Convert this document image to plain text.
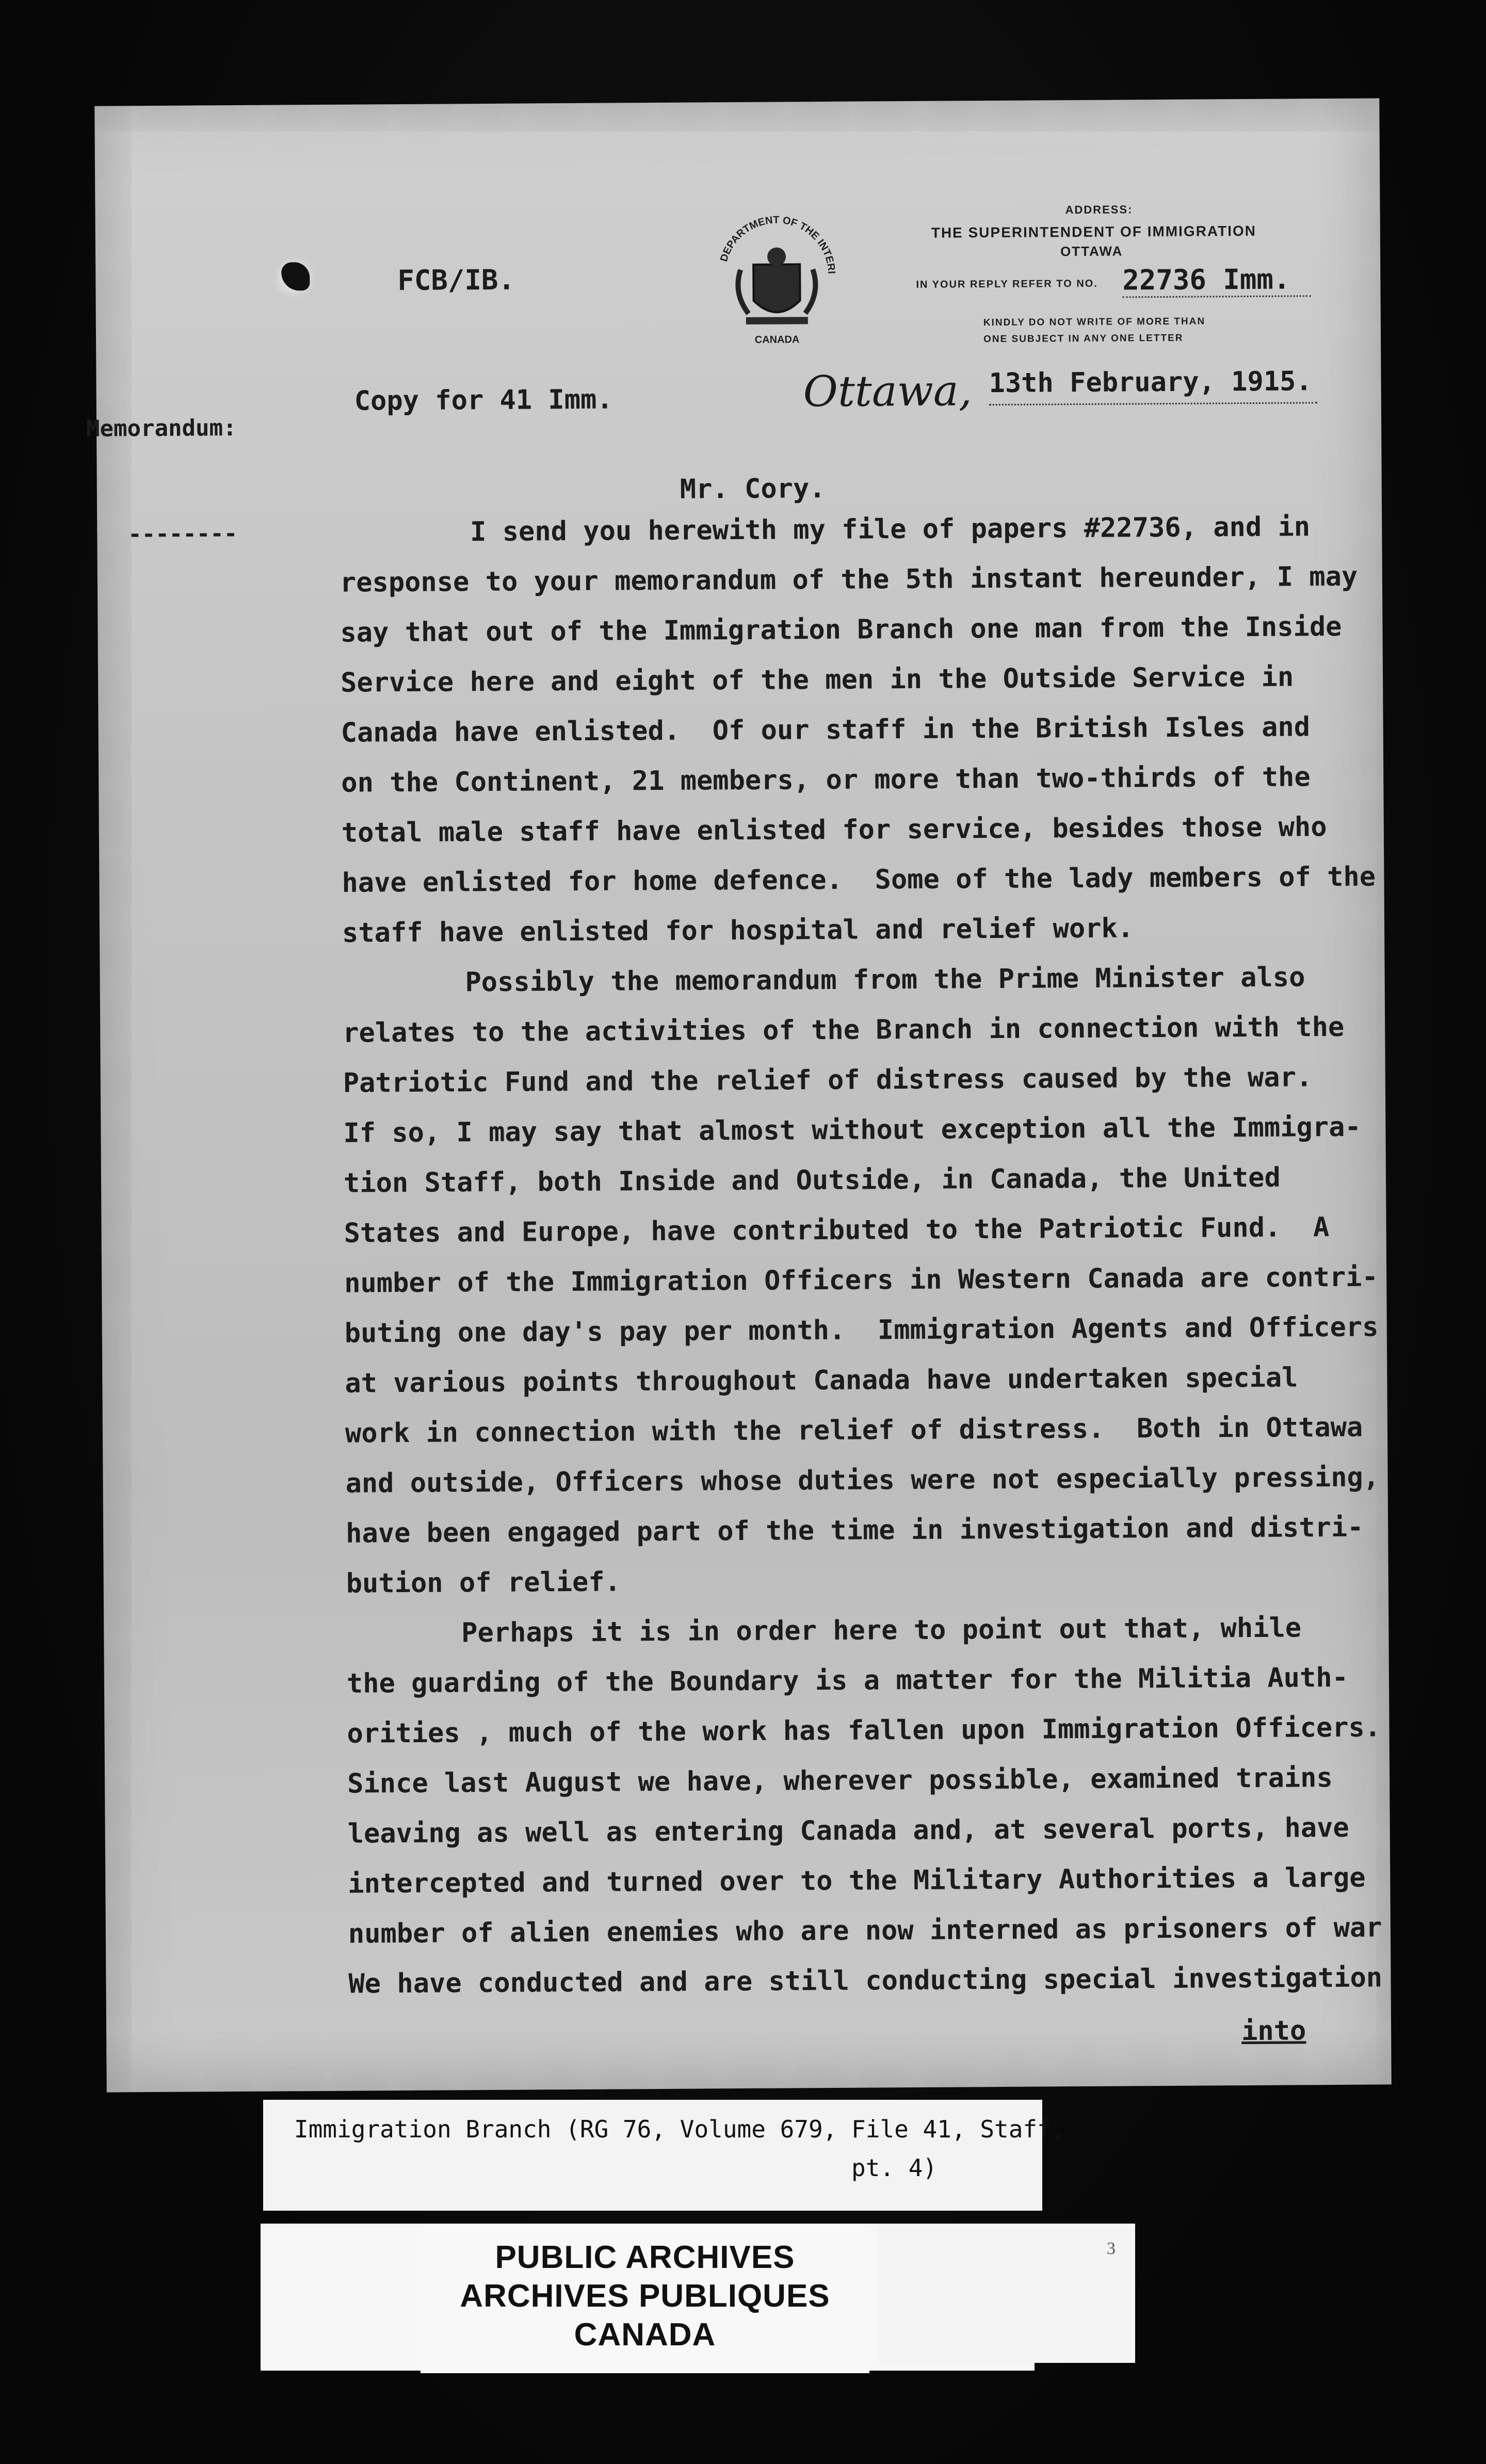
FCB/IB.
DEPARTMENT OF THE INTERIOR
CANADA
ADDRESS:
THE SUPERINTENDENT OF IMMIGRATION
OTTAWA
IN YOUR REPLY REFER TO NO. 22736 Imm.
KINDLY DO NOT WRITE OF MORE THAN
ONE SUBJECT IN ANY ONE LETTER
Copy for 41 Imm.
Memorandum:
Ottawa, 13th February, 1915.
Mr. Cory.
--------	I send you herewith my file of papers #22736, and in
response to your memorandum of the 5th instant hereunder, I may
say that out of the Immigration Branch one man from the Inside
Service here and eight of the men in the Outside Service in
Canada have enlisted.  Of our staff in the British Isles and
on the Continent, 21 members, or more than two-thirds of the
total male staff have enlisted for service, besides those who
have enlisted for home defence.  Some of the lady members of the
staff have enlisted for hospital and relief work.
Possibly the memorandum from the Prime Minister also
relates to the activities of the Branch in connection with the
Patriotic Fund and the relief of distress caused by the war.
If so, I may say that almost without exception all the Immigra-
tion Staff, both Inside and Outside, in Canada, the United
States and Europe, have contributed to the Patriotic Fund.  A
number of the Immigration Officers in Western Canada are contri-
buting one day's pay per month.  Immigration Agents and Officers
at various points throughout Canada have undertaken special
work in connection with the relief of distress.  Both in Ottawa
and outside, Officers whose duties were not especially pressing,
have been engaged part of the time in investigation and distri-
bution of relief.
Perhaps it is in order here to point out that, while
the guarding of the Boundary is a matter for the Militia Auth-
orities , much of the work has fallen upon Immigration Officers.
Since last August we have, wherever possible, examined trains
leaving as well as entering Canada and, at several ports, have
intercepted and turned over to the Military Authorities a large
number of alien enemies who are now interned as prisoners of war
We have conducted and are still conducting special investigation
into
Immigration Branch (RG 76, Volume 679, File 41, Staff,
pt. 4)
3
PUBLIC ARCHIVES
ARCHIVES PUBLIQUES
CANADA
